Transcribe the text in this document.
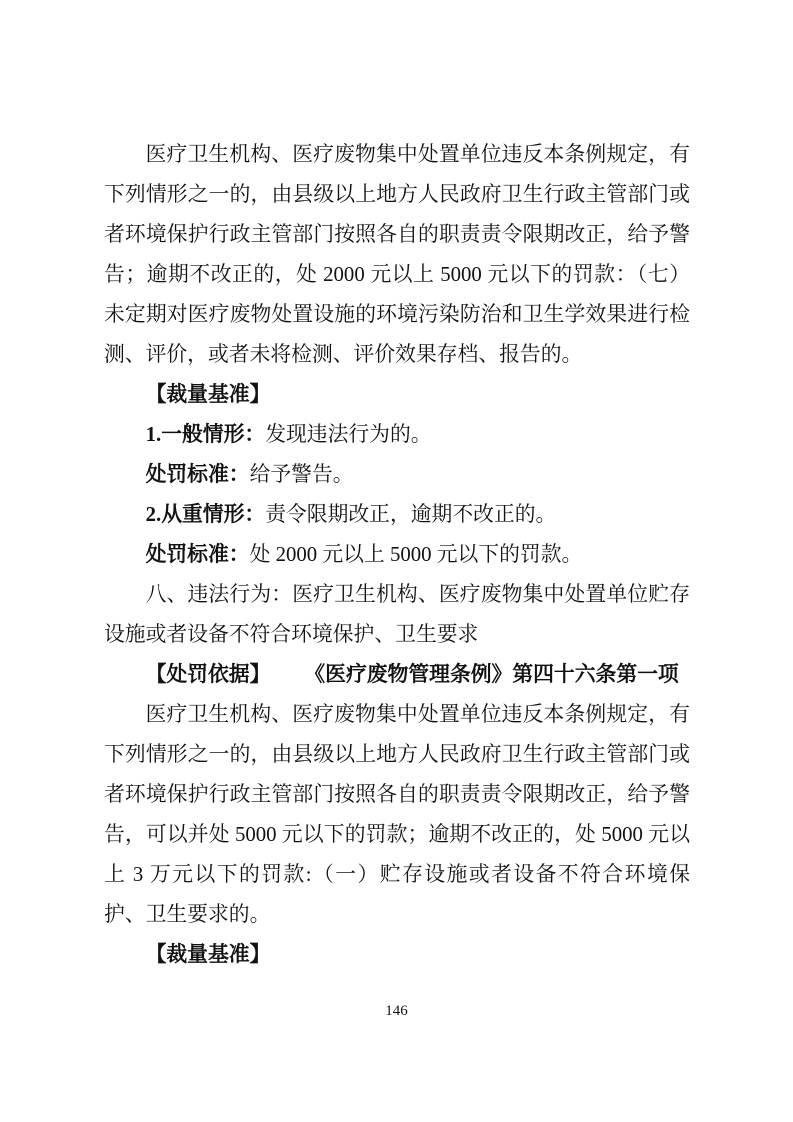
医疗卫生机构、医疗废物集中处置单位违反本条例规定，有下列情形之一的，由县级以上地方人民政府卫生行政主管部门或者环境保护行政主管部门按照各自的职责责令限期改正，给予警告；逾期不改正的，处 2000 元以上 5000 元以下的罚款：（七）未定期对医疗废物处置设施的环境污染防治和卫生学效果进行检测、评价，或者未将检测、评价效果存档、报告的。

【裁量基准】

1.一般情形：发现违法行为的。

处罚标准：给予警告。

2.从重情形：责令限期改正，逾期不改正的。

处罚标准：处 2000 元以上 5000 元以下的罚款。

八、违法行为：医疗卫生机构、医疗废物集中处置单位贮存设施或者设备不符合环境保护、卫生要求

【处罚依据】 《医疗废物管理条例》第四十六条第一项

医疗卫生机构、医疗废物集中处置单位违反本条例规定，有下列情形之一的，由县级以上地方人民政府卫生行政主管部门或者环境保护行政主管部门按照各自的职责责令限期改正，给予警告，可以并处 5000 元以下的罚款；逾期不改正的，处 5000 元以上 3 万元以下的罚款:（一）贮存设施或者设备不符合环境保护、卫生要求的。

【裁量基准】

146
